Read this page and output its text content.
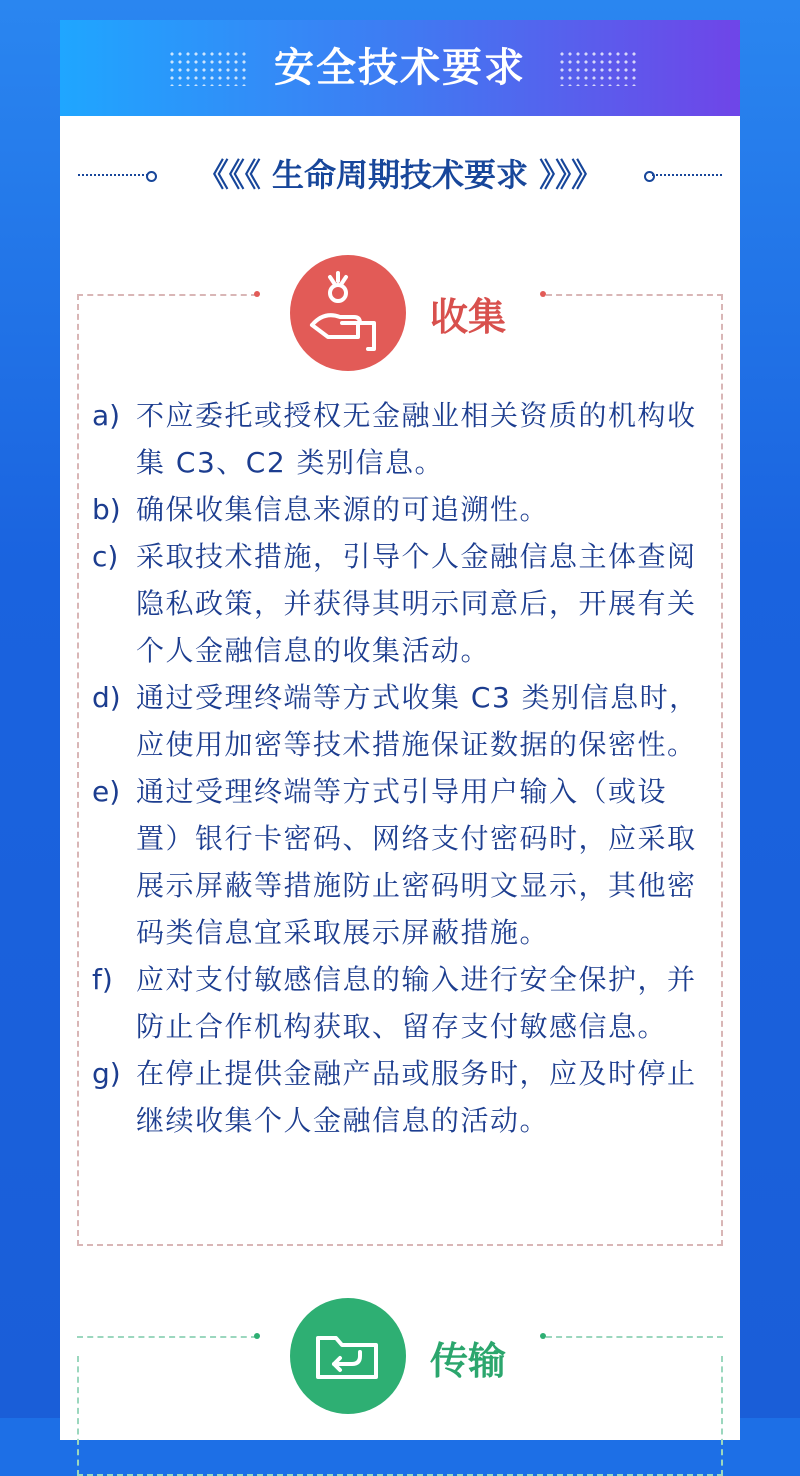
安全技术要求
《《《 生命周期技术要求 》》》
收集
a) 不应委托或授权无金融业相关资质的机构收集 C3、C2 类别信息。
b) 确保收集信息来源的可追溯性。
c) 采取技术措施，引导个人金融信息主体查阅隐私政策，并获得其明示同意后，开展有关个人金融信息的收集活动。
d) 通过受理终端等方式收集 C3 类别信息时，应使用加密等技术措施保证数据的保密性。
e) 通过受理终端等方式引导用户输入（或设置）银行卡密码、网络支付密码时，应采取展示屏蔽等措施防止密码明文显示，其他密码类信息宜采取展示屏蔽措施。
f) 应对支付敏感信息的输入进行安全保护，并防止合作机构获取、留存支付敏感信息。
g) 在停止提供金融产品或服务时，应及时停止继续收集个人金融信息的活动。
传输
